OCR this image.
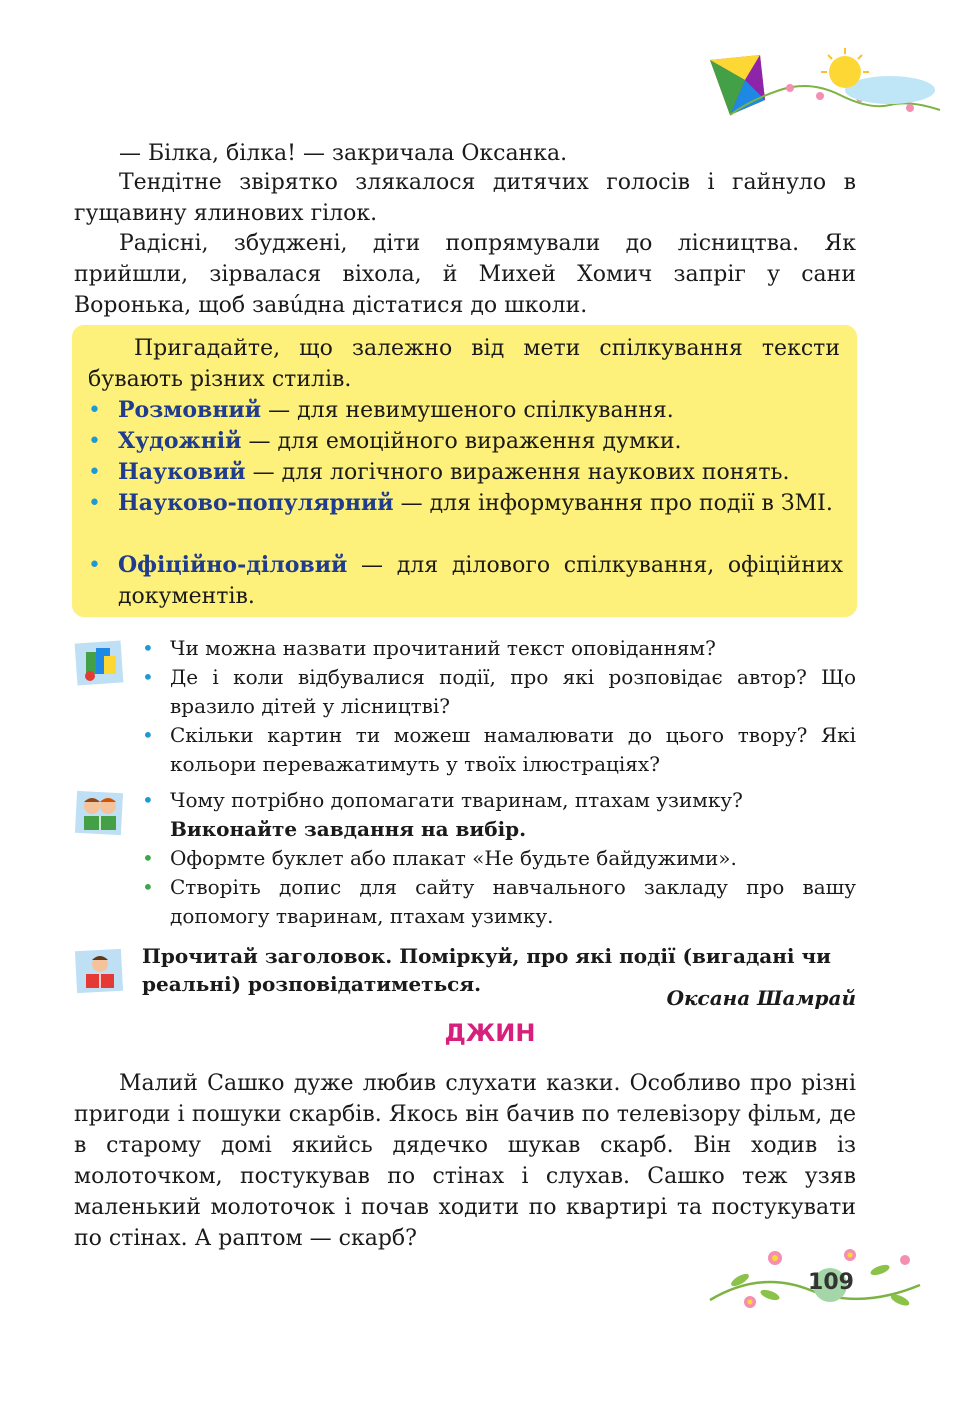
— Білка, білка! — закричала Оксанка.

Тендітне звірятко злякалося дитячих голосів і гайнуло в гущавину ялинових гілок.

Радісні, збуджені, діти попрямували до лісництва. Як прийшли, зірвалася віхола, й Михей Хомич запріг у сани Воронька, щоб завúдна дістатися до школи.

Пригадайте, що залежно від мети спілкування тексти бувають різних стилів.

• Розмовний — для невимушеного спілкування.

• Художній — для емоційного вираження думки.

• Науковий — для логічного вираження наукових понять.

• Науково-популярний — для інформування про події в ЗМІ.

• Офіційно-діловий — для ділового спілкування, офіційних документів.

• Чи можна назвати прочитаний текст оповіданням?

• Де і коли відбувалися події, про які розповідає автор? Що вразило дітей у лісництві?

• Скільки картин ти можеш намалювати до цього твору? Які кольори переважатимуть у твоїх ілюстраціях?

• Чому потрібно допомагати тваринам, птахам узимку?

Виконайте завдання на вибір.

• Оформте буклет або плакат «Не будьте байдужими».

• Створіть допис для сайту навчального закладу про вашу допомогу тваринам, птахам узимку.

Прочитай заголовок. Поміркуй, про які події (вигадані чи реальні) розповідатиметься.

Оксана Шамрай
ДЖИН

Малий Сашко дуже любив слухати казки. Особливо про різні пригоди і пошуки скарбів. Якось він бачив по телевізору фільм, де в старому домі якийсь дядечко шукав скарб. Він ходив із молоточком, постукував по стінах і слухав. Сашко теж узяв маленький молоточок і почав ходити по квартирі та постукувати по стінах. А раптом — скарб?

109
